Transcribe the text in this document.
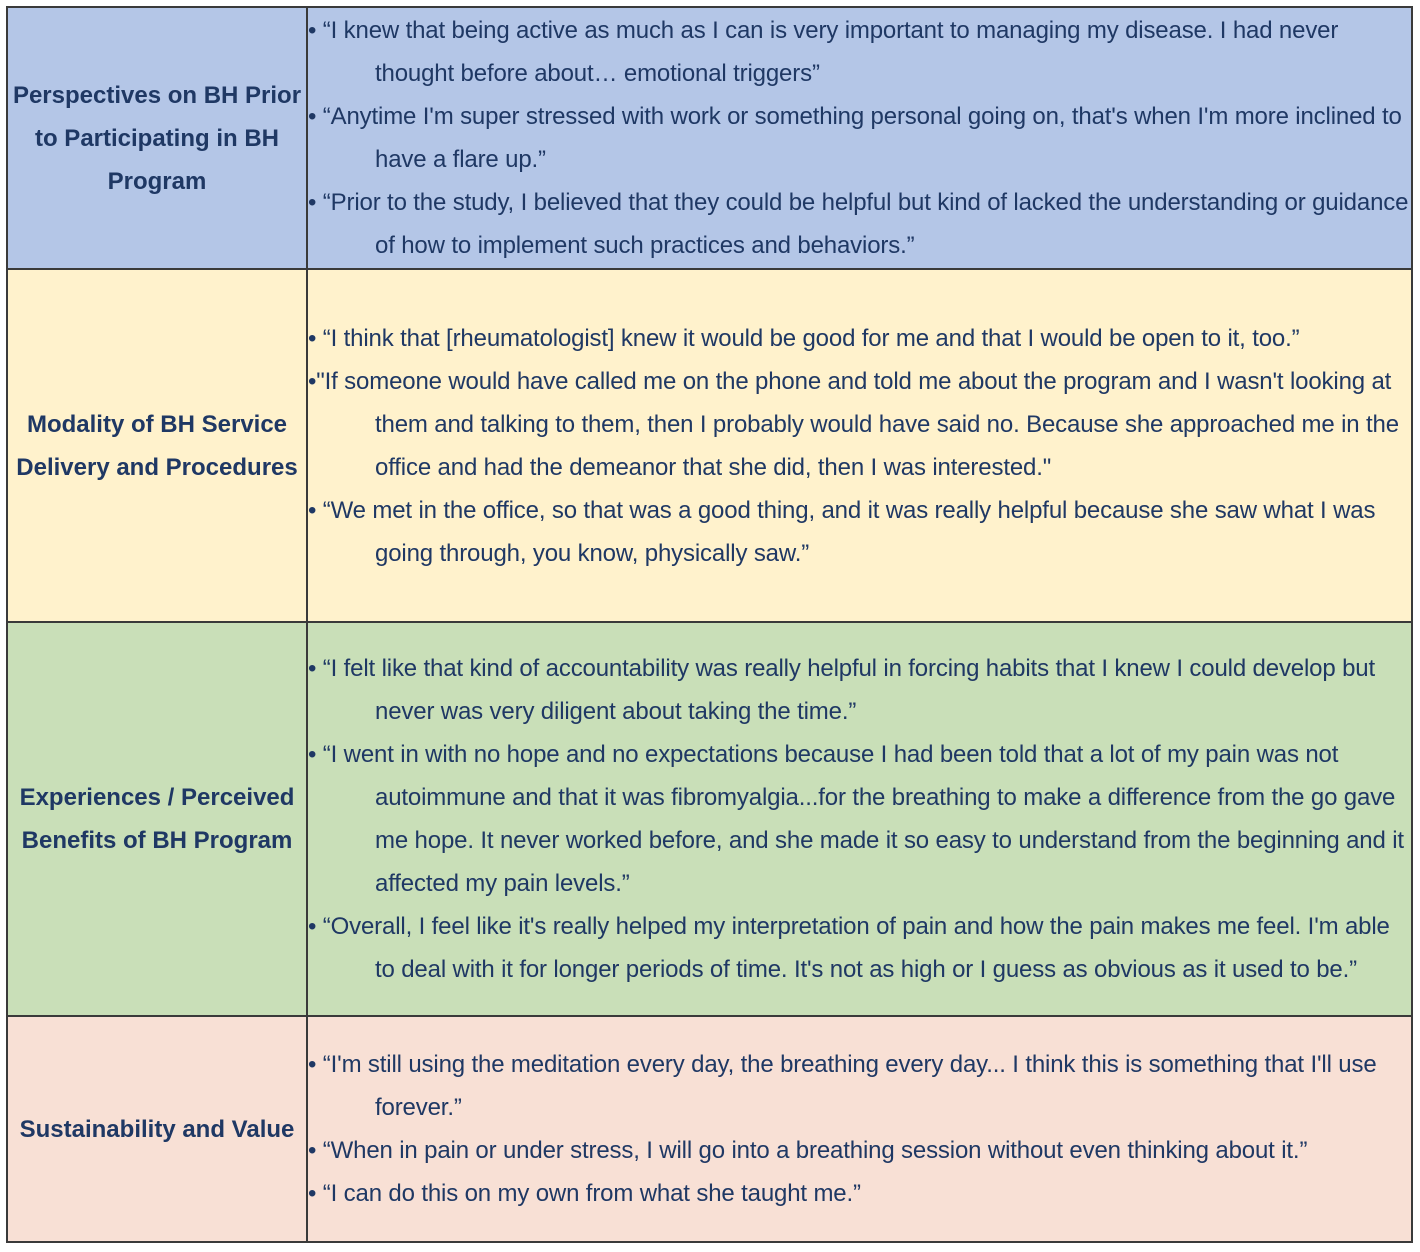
Perspectives on BH Prior to Participating in BH Program	• “I knew that being active as much as I can is very important to managing my disease. I had never thought before about… emotional triggers”
• “Anytime I'm super stressed with work or something personal going on, that's when I'm more inclined to have a flare up.”
• “Prior to the study, I believed that they could be helpful but kind of lacked the understanding or guidance of how to implement such practices and behaviors.”

Modality of BH Service Delivery and Procedures	• “I think that [rheumatologist] knew it would be good for me and that I would be open to it, too.”
•"If someone would have called me on the phone and told me about the program and I wasn't looking at them and talking to them, then I probably would have said no. Because she approached me in the office and had the demeanor that she did, then I was interested."
• “We met in the office, so that was a good thing, and it was really helpful because she saw what I was going through, you know, physically saw.”

Experiences / Perceived Benefits of BH Program	• “I felt like that kind of accountability was really helpful in forcing habits that I knew I could develop but never was very diligent about taking the time.”
• “I went in with no hope and no expectations because I had been told that a lot of my pain was not autoimmune and that it was fibromyalgia...for the breathing to make a difference from the go gave me hope. It never worked before, and she made it so easy to understand from the beginning and it affected my pain levels.”
• “Overall, I feel like it's really helped my interpretation of pain and how the pain makes me feel. I'm able to deal with it for longer periods of time. It's not as high or I guess as obvious as it used to be.”

Sustainability and Value	• “I'm still using the meditation every day, the breathing every day... I think this is something that I'll use forever.”
• “When in pain or under stress, I will go into a breathing session without even thinking about it.”
• “I can do this on my own from what she taught me.”
